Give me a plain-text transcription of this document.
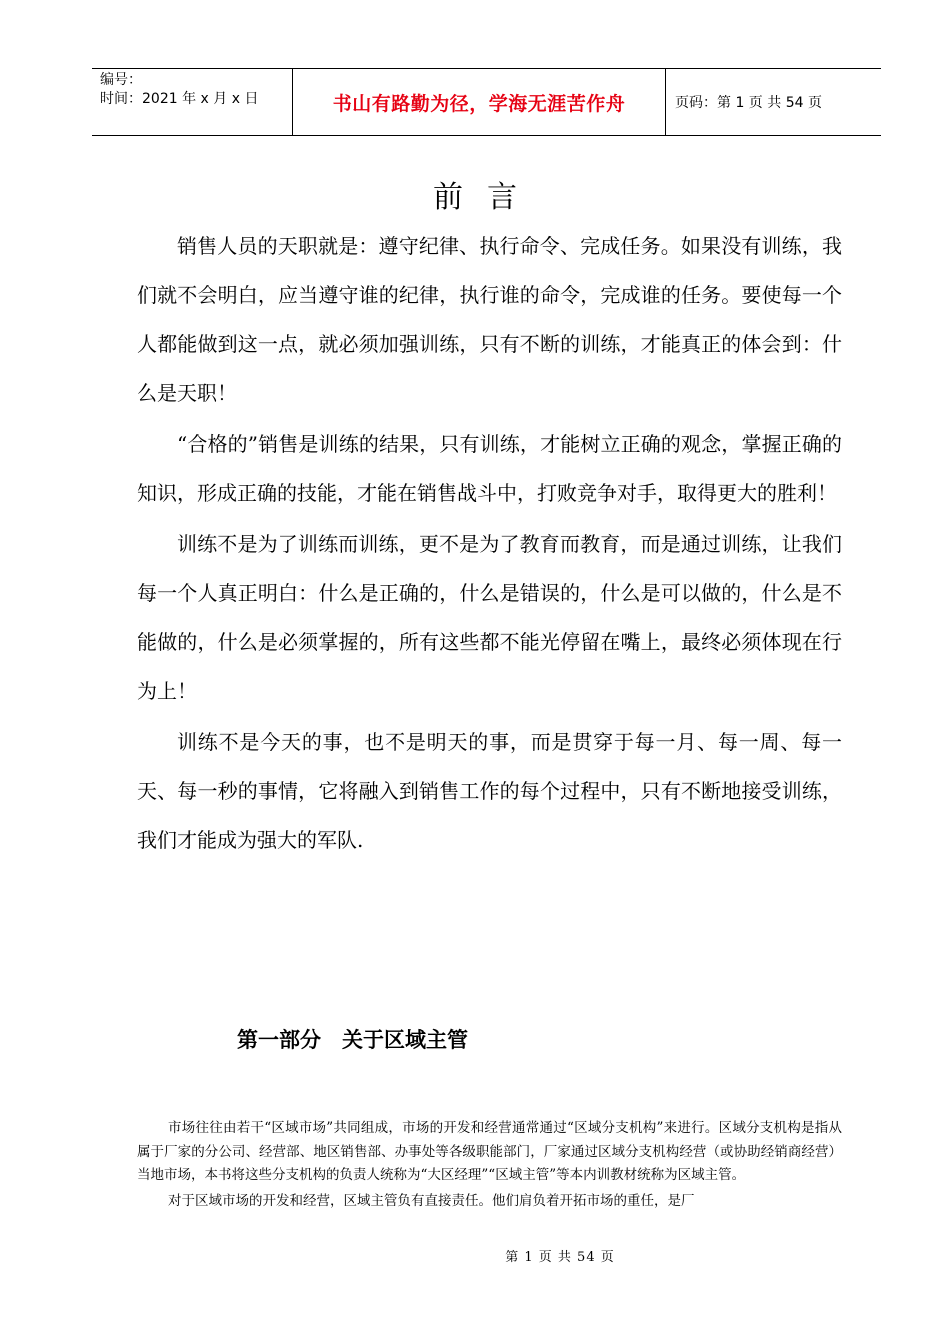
编号：
时间：2021 年 x 月 x 日	书山有路勤为径，学海无涯苦作舟	页码：第 1 页 共 54 页
前言

销售人员的天职就是：遵守纪律、执行命令、完成任务。如果没有训练，我们就不会明白，应当遵守谁的纪律，执行谁的命令，完成谁的任务。要使每一个人都能做到这一点，就必须加强训练，只有不断的训练，才能真正的体会到：什么是天职！

“合格的”销售是训练的结果，只有训练，才能树立正确的观念，掌握正确的知识，形成正确的技能，才能在销售战斗中，打败竞争对手，取得更大的胜利！

训练不是为了训练而训练，更不是为了教育而教育，而是通过训练，让我们每一个人真正明白：什么是正确的，什么是错误的，什么是可以做的，什么是不能做的，什么是必须掌握的，所有这些都不能光停留在嘴上，最终必须体现在行为上！

训练不是今天的事，也不是明天的事，而是贯穿于每一月、每一周、每一天、每一秒的事情，它将融入到销售工作的每个过程中，只有不断地接受训练，我们才能成为强大的军队.

第一部分　关于区域主管

市场往往由若干“区域市场”共同组成，市场的开发和经营通常通过“区域分支机构”来进行。区域分支机构是指从属于厂家的分公司、经营部、地区销售部、办事处等各级职能部门，厂家通过区域分支机构经营（或协助经销商经营）当地市场，本书将这些分支机构的负责人统称为“大区经理”“区域主管”等本内训教材统称为区域主管。

对于区域市场的开发和经营，区域主管负有直接责任。他们肩负着开拓市场的重任，是厂

第 1 页 共 54 页
